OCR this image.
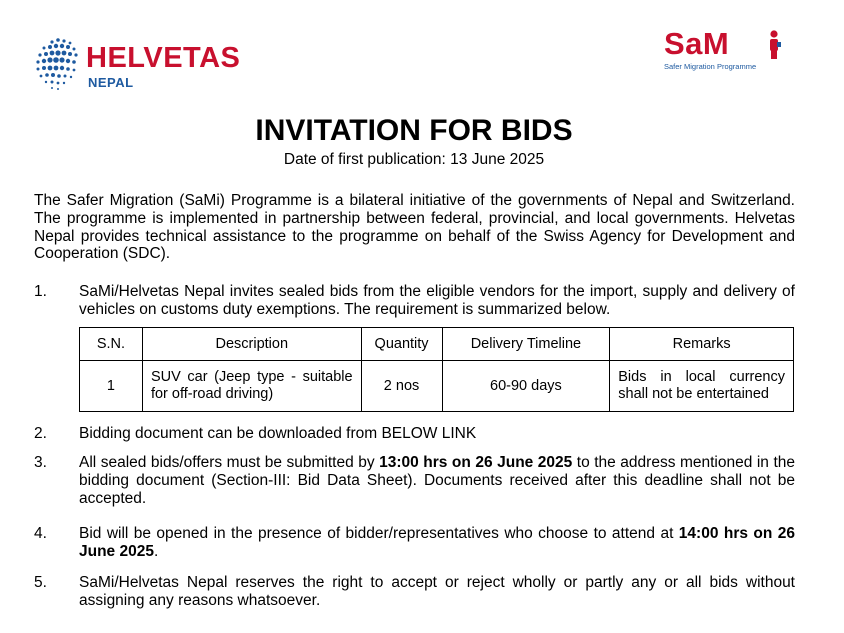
HELVETAS
NEPAL
SaM
Safer Migration Programme
INVITATION FOR BIDS
Date of first publication: 13 June 2025

The Safer Migration (SaMi) Programme is a bilateral initiative of the governments of Nepal and Switzerland. The programme is implemented in partnership between federal, provincial, and local governments. Helvetas Nepal provides technical assistance to the programme on behalf of the Swiss Agency for Development and Cooperation (SDC).

1. SaMi/Helvetas Nepal invites sealed bids from the eligible vendors for the import, supply and delivery of vehicles on customs duty exemptions. The requirement is summarized below.
S.N.	Description	Quantity	Delivery Timeline	Remarks
1	SUV car (Jeep type - suitable for off-road driving)	2 nos	60-90 days	Bids in local currency shall not be entertained
2. Bidding document can be downloaded from BELOW LINK
3. All sealed bids/offers must be submitted by 13:00 hrs on 26 June 2025 to the address mentioned in the bidding document (Section-III: Bid Data Sheet). Documents received after this deadline shall not be accepted.
4. Bid will be opened in the presence of bidder/representatives who choose to attend at 14:00 hrs on 26 June 2025.
5. SaMi/Helvetas Nepal reserves the right to accept or reject wholly or partly any or all bids without assigning any reasons whatsoever.
